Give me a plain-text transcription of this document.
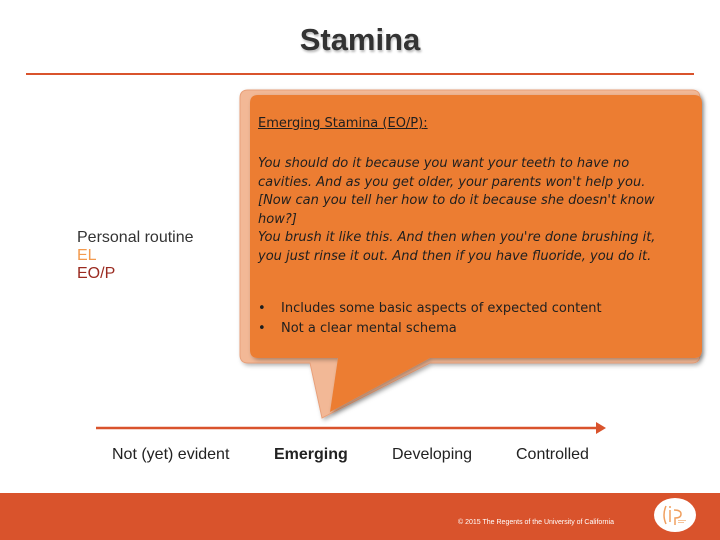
Stamina
Personal routine
EL
EO/P
Emerging Stamina (EO/P):
You should do it because you want your teeth to have no
cavities. And as you get older, your parents won't help you.
[Now can you tell her how to do it because she doesn't know
how?]
You brush it like this. And then when you're done brushing it,
you just rinse it out. And then if you have fluoride, you do it.
• Includes some basic aspects of expected content
• Not a clear mental schema
Not (yet) evident	Emerging	Developing	Controlled
© 2015 The Regents of the University of California
